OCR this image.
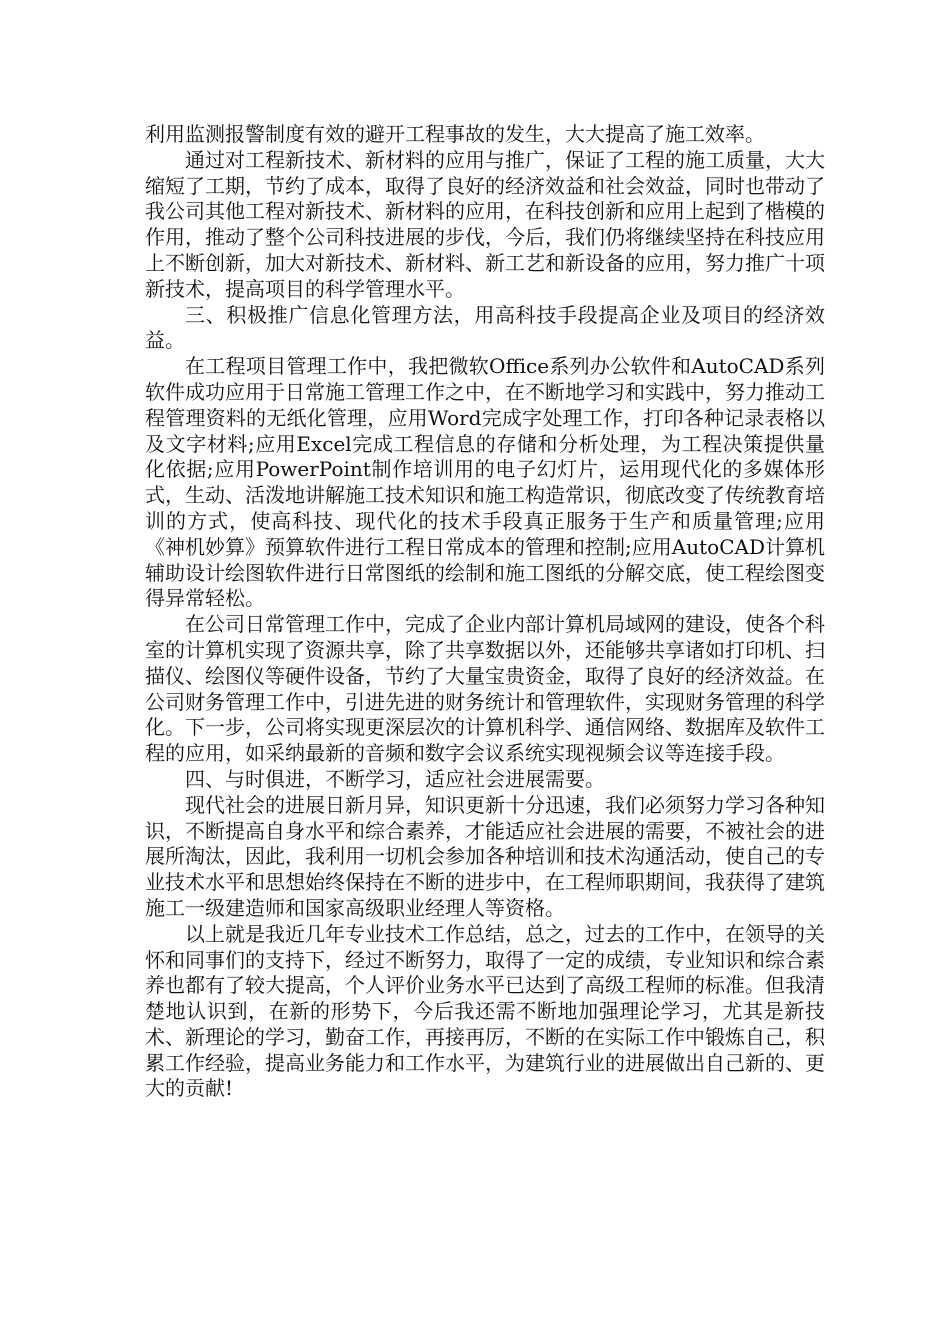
利用监测报警制度有效的避开工程事故的发生，大大提高了施工效率。

通过对工程新技术、新材料的应用与推广，保证了工程的施工质量，大大缩短了工期，节约了成本，取得了良好的经济效益和社会效益，同时也带动了我公司其他工程对新技术、新材料的应用，在科技创新和应用上起到了楷模的作用，推动了整个公司科技进展的步伐，今后，我们仍将继续坚持在科技应用上不断创新，加大对新技术、新材料、新工艺和新设备的应用，努力推广十项新技术，提高项目的科学管理水平。

三、积极推广信息化管理方法，用高科技手段提高企业及项目的经济效益。

在工程项目管理工作中，我把微软Office系列办公软件和AutoCAD系列软件成功应用于日常施工管理工作之中，在不断地学习和实践中，努力推动工程管理资料的无纸化管理，应用Word完成字处理工作，打印各种记录表格以及文字材料;应用Excel完成工程信息的存储和分析处理，为工程决策提供量化依据;应用PowerPoint制作培训用的电子幻灯片，运用现代化的多媒体形式，生动、活泼地讲解施工技术知识和施工构造常识，彻底改变了传统教育培训的方式，使高科技、现代化的技术手段真正服务于生产和质量管理;应用《神机妙算》预算软件进行工程日常成本的管理和控制;应用AutoCAD计算机辅助设计绘图软件进行日常图纸的绘制和施工图纸的分解交底，使工程绘图变得异常轻松。

在公司日常管理工作中，完成了企业内部计算机局域网的建设，使各个科室的计算机实现了资源共享，除了共享数据以外，还能够共享诸如打印机、扫描仪、绘图仪等硬件设备，节约了大量宝贵资金，取得了良好的经济效益。在公司财务管理工作中，引进先进的财务统计和管理软件，实现财务管理的科学化。下一步，公司将实现更深层次的计算机科学、通信网络、数据库及软件工程的应用，如采纳最新的音频和数字会议系统实现视频会议等连接手段。

四、与时俱进，不断学习，适应社会进展需要。

现代社会的进展日新月异，知识更新十分迅速，我们必须努力学习各种知识，不断提高自身水平和综合素养，才能适应社会进展的需要，不被社会的进展所淘汰，因此，我利用一切机会参加各种培训和技术沟通活动，使自己的专业技术水平和思想始终保持在不断的进步中，在工程师职期间，我获得了建筑施工一级建造师和国家高级职业经理人等资格。

以上就是我近几年专业技术工作总结，总之，过去的工作中，在领导的关怀和同事们的支持下，经过不断努力，取得了一定的成绩，专业知识和综合素养也都有了较大提高，个人评价业务水平已达到了高级工程师的标准。但我清楚地认识到，在新的形势下，今后我还需不断地加强理论学习，尤其是新技术、新理论的学习，勤奋工作，再接再厉，不断的在实际工作中锻炼自己，积累工作经验，提高业务能力和工作水平，为建筑行业的进展做出自己新的、更大的贡献!
